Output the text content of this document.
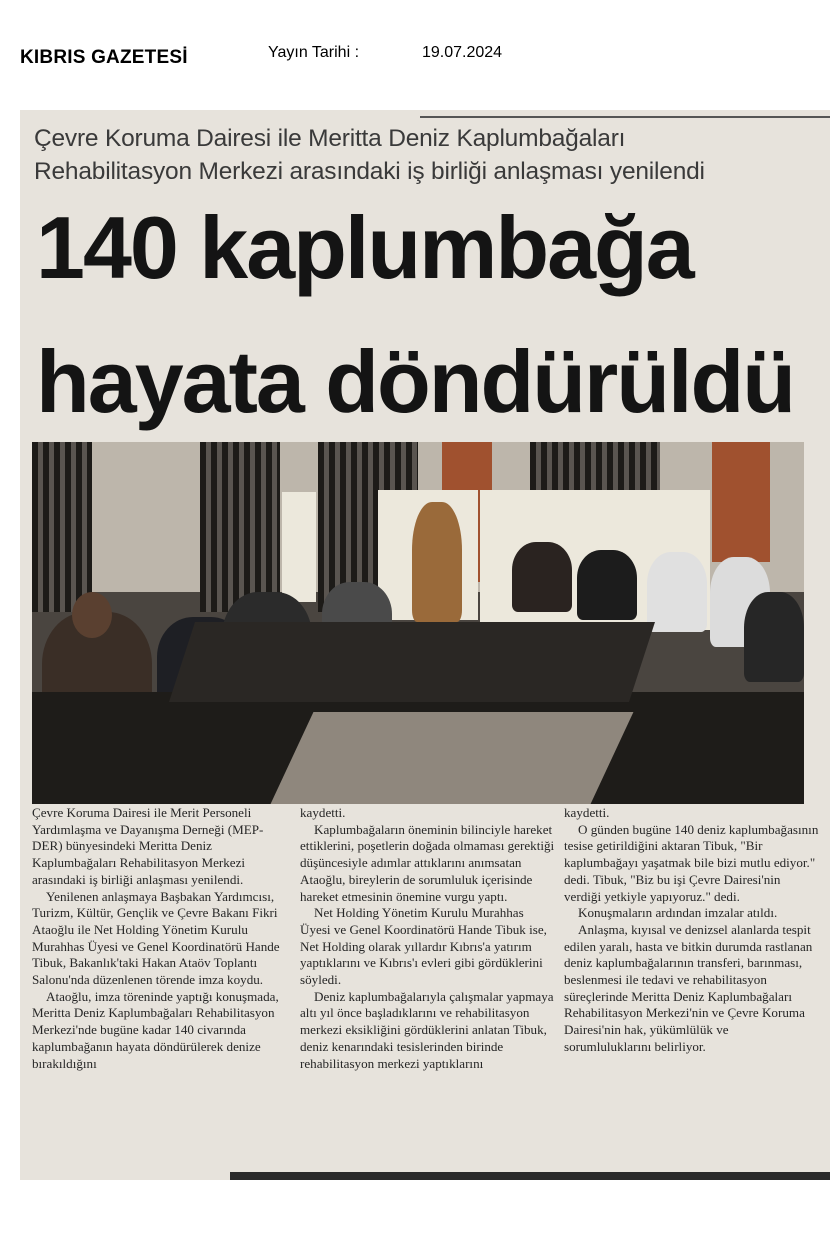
KIBRIS GAZETESİ	Yayın Tarihi :	19.07.2024
Çevre Koruma Dairesi ile Meritta Deniz Kaplumbağaları
Rehabilitasyon Merkezi arasındaki iş birliği anlaşması yenilendi
140 kaplumbağa
hayata döndürüldü

Çevre Koruma Dairesi ile Merit Personeli Yardımlaşma ve Dayanışma Derneği (MEP-DER) bünyesindeki Meritta Deniz Kaplumbağaları Rehabilitasyon Merkezi arasındaki iş birliği anlaşması yenilendi.

Yenilenen anlaşmaya Başbakan Yardımcısı, Turizm, Kültür, Gençlik ve Çevre Bakanı Fikri Ataoğlu ile Net Holding Yönetim Kurulu Murahhas Üyesi ve Genel Koordinatörü Hande Tibuk, Bakanlık'taki Hakan Ataöv Toplantı Salonu'nda düzenlenen törende imza koydu.

Ataoğlu, imza töreninde yaptığı konuşmada, Meritta Deniz Kaplumbağaları Rehabilitasyon Merkezi'nde bugüne kadar 140 civarında kaplumbağanın hayata döndürülerek denize bırakıldığını

kaydetti.

Kaplumbağaların öneminin bilinciyle hareket ettiklerini, poşetlerin doğada olmaması gerektiği düşüncesiyle adımlar attıklarını anımsatan Ataoğlu, bireylerin de sorumluluk içerisinde hareket etmesinin önemine vurgu yaptı.

Net Holding Yönetim Kurulu Murahhas Üyesi ve Genel Koordinatörü Hande Tibuk ise, Net Holding olarak yıllardır Kıbrıs'a yatırım yaptıklarını ve Kıbrıs'ı evleri gibi gördüklerini söyledi.

Deniz kaplumbağalarıyla çalışmalar yapmaya altı yıl önce başladıklarını ve rehabilitasyon merkezi eksikliğini gördüklerini anlatan Tibuk, deniz kenarındaki tesislerinden birinde rehabilitasyon merkezi yaptıklarını

kaydetti.

O günden bugüne 140 deniz kaplumbağasının tesise getirildiğini aktaran Tibuk, "Bir kaplumbağayı yaşatmak bile bizi mutlu ediyor." dedi. Tibuk, "Biz bu işi Çevre Dairesi'nin verdiği yetkiyle yapıyoruz." dedi.

Konuşmaların ardından imzalar atıldı.

Anlaşma, kıyısal ve denizsel alanlarda tespit edilen yaralı, hasta ve bitkin durumda rastlanan deniz kaplumbağalarının transferi, barınması, beslenmesi ile tedavi ve rehabilitasyon süreçlerinde Meritta Deniz Kaplumbağaları Rehabilitasyon Merkezi'nin ve Çevre Koruma Dairesi'nin hak, yükümlülük ve sorumluluklarını belirliyor.
